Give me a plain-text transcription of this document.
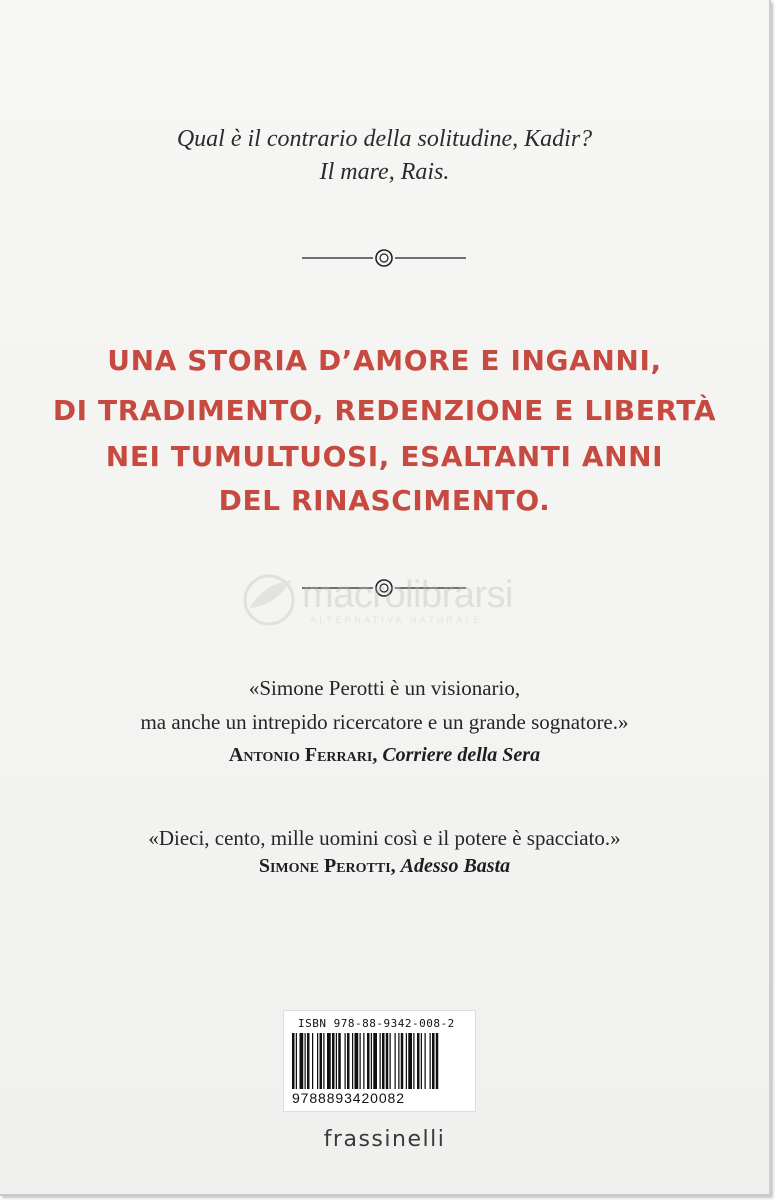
Qual è il contrario della solitudine, Kadir?

Il mare, Rais.

UNA STORIA D’AMORE E INGANNI,

DI TRADIMENTO, REDENZIONE E LIBERTÀ

NEI TUMULTUOSI, ESALTANTI ANNI

DEL RINASCIMENTO.

macrolibrarsi
ALTERNATIVA NATURALE

«Simone Perotti è un visionario,

ma anche un intrepido ricercatore e un grande sognatore.»

Antonio Ferrari, Corriere della Sera

«Dieci, cento, mille uomini così e il potere è spacciato.»

Simone Perotti, Adesso Basta

ISBN 978-88-9342-008-2
9788893420082

frassinelli
